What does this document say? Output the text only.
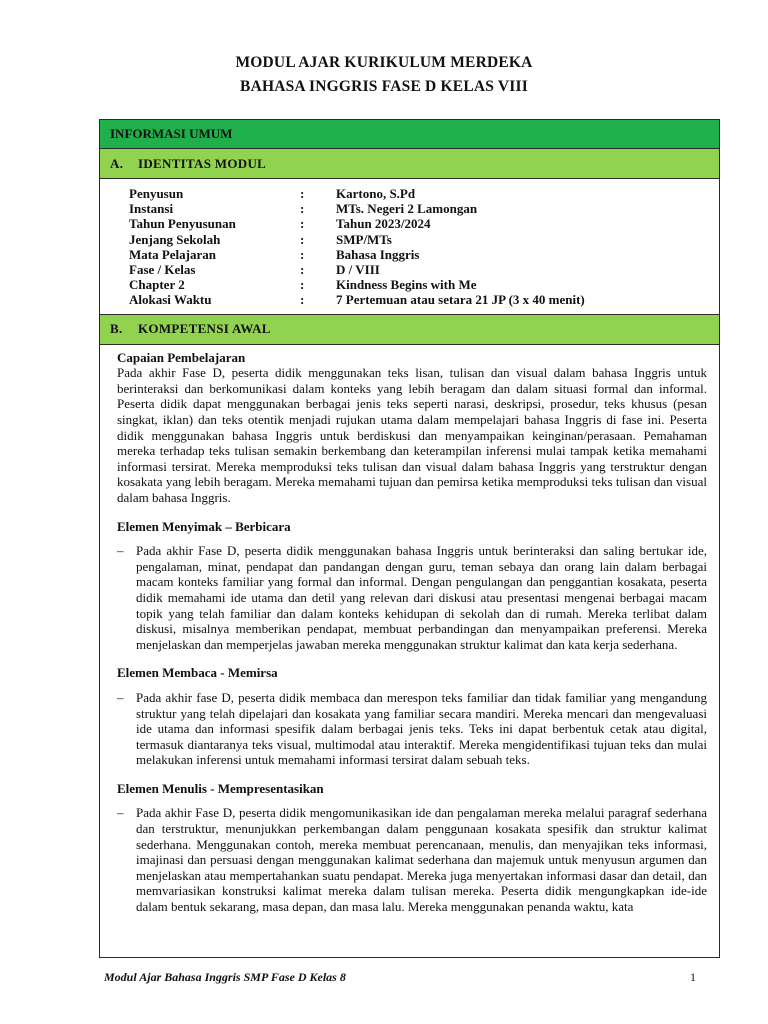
MODUL AJAR KURIKULUM MERDEKA
BAHASA INGGRIS FASE D KELAS VIII
INFORMASI UMUM
A.	IDENTITAS MODUL
Penyusun	:	Kartono, S.Pd
Instansi	:	MTs. Negeri 2 Lamongan
Tahun Penyusunan	:	Tahun 2023/2024
Jenjang Sekolah	:	SMP/MTs
Mata Pelajaran	:	Bahasa Inggris
Fase / Kelas	:	D / VIII
Chapter 2	:	Kindness Begins with Me
Alokasi Waktu	:	7 Pertemuan atau setara 21 JP (3 x 40 menit)
B.	KOMPETENSI AWAL
Capaian Pembelajaran
Pada akhir Fase D, peserta didik menggunakan teks lisan, tulisan dan visual dalam bahasa Inggris untuk berinteraksi dan berkomunikasi dalam konteks yang lebih beragam dan dalam situasi formal dan informal. Peserta didik dapat menggunakan berbagai jenis teks seperti narasi, deskripsi, prosedur, teks khusus (pesan singkat, iklan) dan teks otentik menjadi rujukan utama dalam mempelajari bahasa Inggris di fase ini. Peserta didik menggunakan bahasa Inggris untuk berdiskusi dan menyampaikan keinginan/perasaan. Pemahaman mereka terhadap teks tulisan semakin berkembang dan keterampilan inferensi mulai tampak ketika memahami informasi tersirat. Mereka memproduksi teks tulisan dan visual dalam bahasa Inggris yang terstruktur dengan kosakata yang lebih beragam. Mereka memahami tujuan dan pemirsa ketika memproduksi teks tulisan dan visual dalam bahasa Inggris.
Elemen Menyimak – Berbicara
– Pada akhir Fase D, peserta didik menggunakan bahasa Inggris untuk berinteraksi dan saling bertukar ide, pengalaman, minat, pendapat dan pandangan dengan guru, teman sebaya dan orang lain dalam berbagai macam konteks familiar yang formal dan informal. Dengan pengulangan dan penggantian kosakata, peserta didik memahami ide utama dan detil yang relevan dari diskusi atau presentasi mengenai berbagai macam topik yang telah familiar dan dalam konteks kehidupan di sekolah dan di rumah. Mereka terlibat dalam diskusi, misalnya memberikan pendapat, membuat perbandingan dan menyampaikan preferensi. Mereka menjelaskan dan memperjelas jawaban mereka menggunakan struktur kalimat dan kata kerja sederhana.
Elemen Membaca - Memirsa
– Pada akhir fase D, peserta didik membaca dan merespon teks familiar dan tidak familiar yang mengandung struktur yang telah dipelajari dan kosakata yang familiar secara mandiri. Mereka mencari dan mengevaluasi ide utama dan informasi spesifik dalam berbagai jenis teks. Teks ini dapat berbentuk cetak atau digital, termasuk diantaranya teks visual, multimodal atau interaktif. Mereka mengidentifikasi tujuan teks dan mulai melakukan inferensi untuk memahami informasi tersirat dalam sebuah teks.
Elemen Menulis - Mempresentasikan
– Pada akhir Fase D, peserta didik mengomunikasikan ide dan pengalaman mereka melalui paragraf sederhana dan terstruktur, menunjukkan perkembangan dalam penggunaan kosakata spesifik dan struktur kalimat sederhana. Menggunakan contoh, mereka membuat perencanaan, menulis, dan menyajikan teks informasi, imajinasi dan persuasi dengan menggunakan kalimat sederhana dan majemuk untuk menyusun argumen dan menjelaskan atau mempertahankan suatu pendapat. Mereka juga menyertakan informasi dasar dan detail, dan memvariasikan konstruksi kalimat mereka dalam tulisan mereka. Peserta didik mengungkapkan ide-ide dalam bentuk sekarang, masa depan, dan masa lalu. Mereka menggunakan penanda waktu, kata
Modul Ajar Bahasa Inggris SMP Fase D Kelas 8	1
